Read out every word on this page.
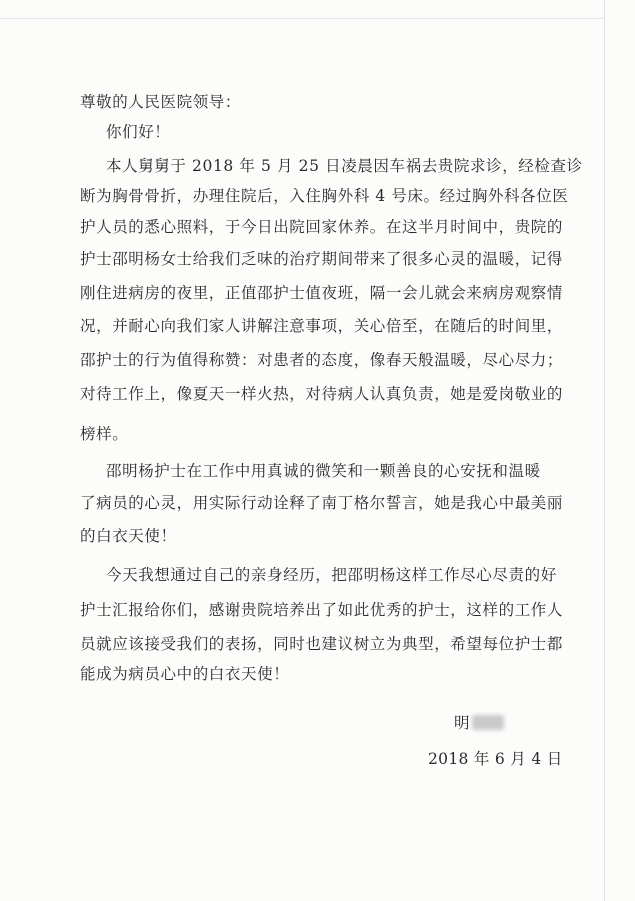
尊敬的人民医院领导：
你们好！
本人舅舅于 2018 年 5 月 25 日凌晨因车祸去贵院求诊，经检查诊
断为胸骨骨折，办理住院后，入住胸外科 4 号床。经过胸外科各位医
护人员的悉心照料，于今日出院回家休养。在这半月时间中，贵院的
护士邵明杨女士给我们乏味的治疗期间带来了很多心灵的温暖，记得
刚住进病房的夜里，正值邵护士值夜班，隔一会儿就会来病房观察情
况，并耐心向我们家人讲解注意事项，关心倍至，在随后的时间里，
邵护士的行为值得称赞：对患者的态度，像春天般温暖，尽心尽力；
对待工作上，像夏天一样火热，对待病人认真负责，她是爱岗敬业的
榜样。
邵明杨护士在工作中用真诚的微笑和一颗善良的心安抚和温暖
了病员的心灵，用实际行动诠释了南丁格尔誓言，她是我心中最美丽
的白衣天使！
今天我想通过自己的亲身经历，把邵明杨这样工作尽心尽责的好
护士汇报给你们，感谢贵院培养出了如此优秀的护士，这样的工作人
员就应该接受我们的表扬，同时也建议树立为典型，希望每位护士都
能成为病员心中的白衣天使！
明
2018 年 6 月 4 日
